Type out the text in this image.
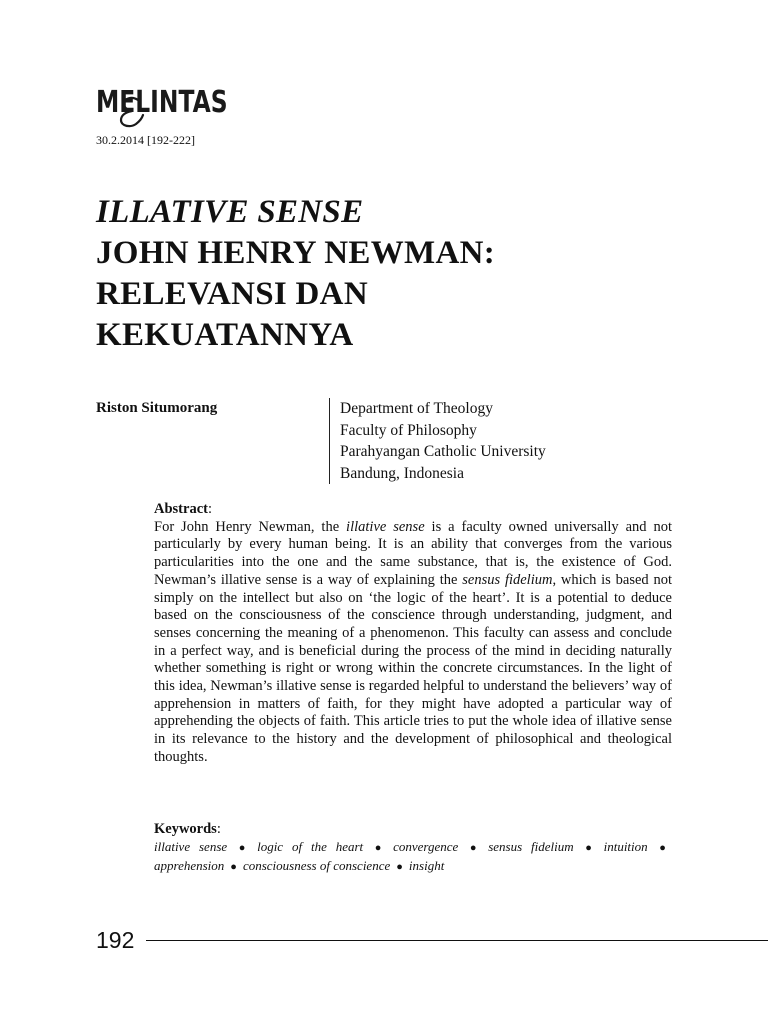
MELINTAS
30.2.2014 [192-222]
ILLATIVE SENSE
JOHN HENRY NEWMAN:
RELEVANSI DAN
KEKUATANNYA
Riston Situmorang	Department of Theology
Faculty of Philosophy
Parahyangan Catholic University
Bandung, Indonesia
Abstract:
For John Henry Newman, the illative sense is a faculty owned universally and not particularly by every human being. It is an ability that converges from the various particularities into the one and the same substance, that is, the existence of God. Newman’s illative sense is a way of explaining the sensus fidelium, which is based not simply on the intellect but also on ‘the logic of the heart’. It is a potential to deduce based on the consciousness of the conscience through understanding, judgment, and senses concerning the meaning of a phenomenon. This faculty can assess and conclude in a perfect way, and is beneficial during the process of the mind in deciding naturally whether something is right or wrong within the concrete circumstances. In the light of this idea, Newman’s illative sense is regarded helpful to understand the believers’ way of apprehension in matters of faith, for they might have adopted a particular way of apprehending the objects of faith. This article tries to put the whole idea of illative sense in its relevance to the history and the development of philosophical and theological thoughts.
Keywords:
illative sense ● logic of the heart ● convergence ● sensus fidelium ● intuition ●
apprehension ● consciousness of conscience ● insight
192
